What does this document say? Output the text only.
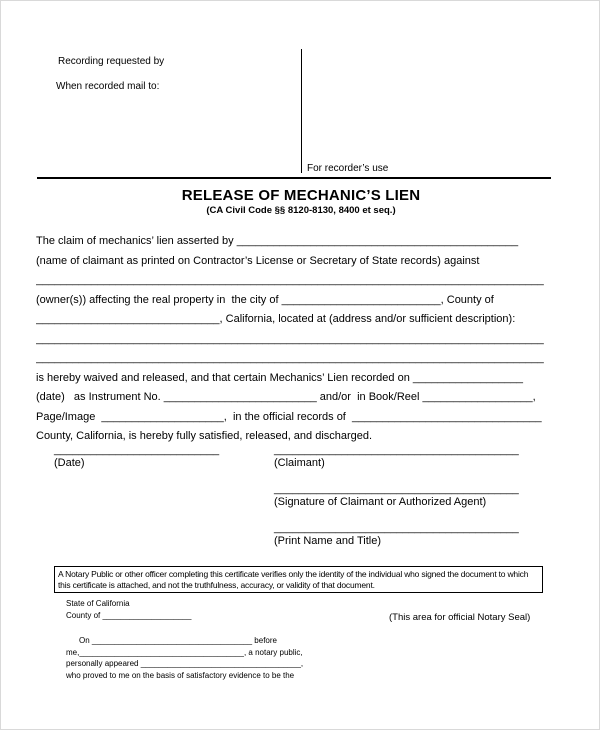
Recording requested by
When recorded mail to:
For recorder’s use
RELEASE OF MECHANIC’S LIEN
(CA Civil Code §§ 8120-8130, 8400 et seq.)
The claim of mechanics’ lien asserted by ______________________________________________
(name of claimant as printed on Contractor’s License or Secretary of State records) against
___________________________________________________________________________________
(owner(s)) affecting the real property in  the city of __________________________, County of
______________________________, California, located at (address and/or sufficient description):
___________________________________________________________________________________
___________________________________________________________________________________
is hereby waived and released, and that certain Mechanics’ Lien recorded on __________________
(date)   as Instrument No. _________________________ and/or  in Book/Reel __________________,
Page/Image  ____________________,  in the official records of  _______________________________
County, California, is hereby fully satisfied, released, and discharged.
___________________________
(Date)
________________________________________
(Claimant)
________________________________________
(Signature of Claimant or Authorized Agent)
________________________________________
(Print Name and Title)
A Notary Public or other officer completing this certificate verifies only the identity of the individual who signed the document to which this certificate is attached, and not the truthfulness, accuracy, or validity of that document.
State of California
County of ____________________
On ____________________________________ before
me,_____________________________________, a notary public,
personally appeared ____________________________________,
who proved to me on the basis of satisfactory evidence to be the
(This area for official Notary Seal)
